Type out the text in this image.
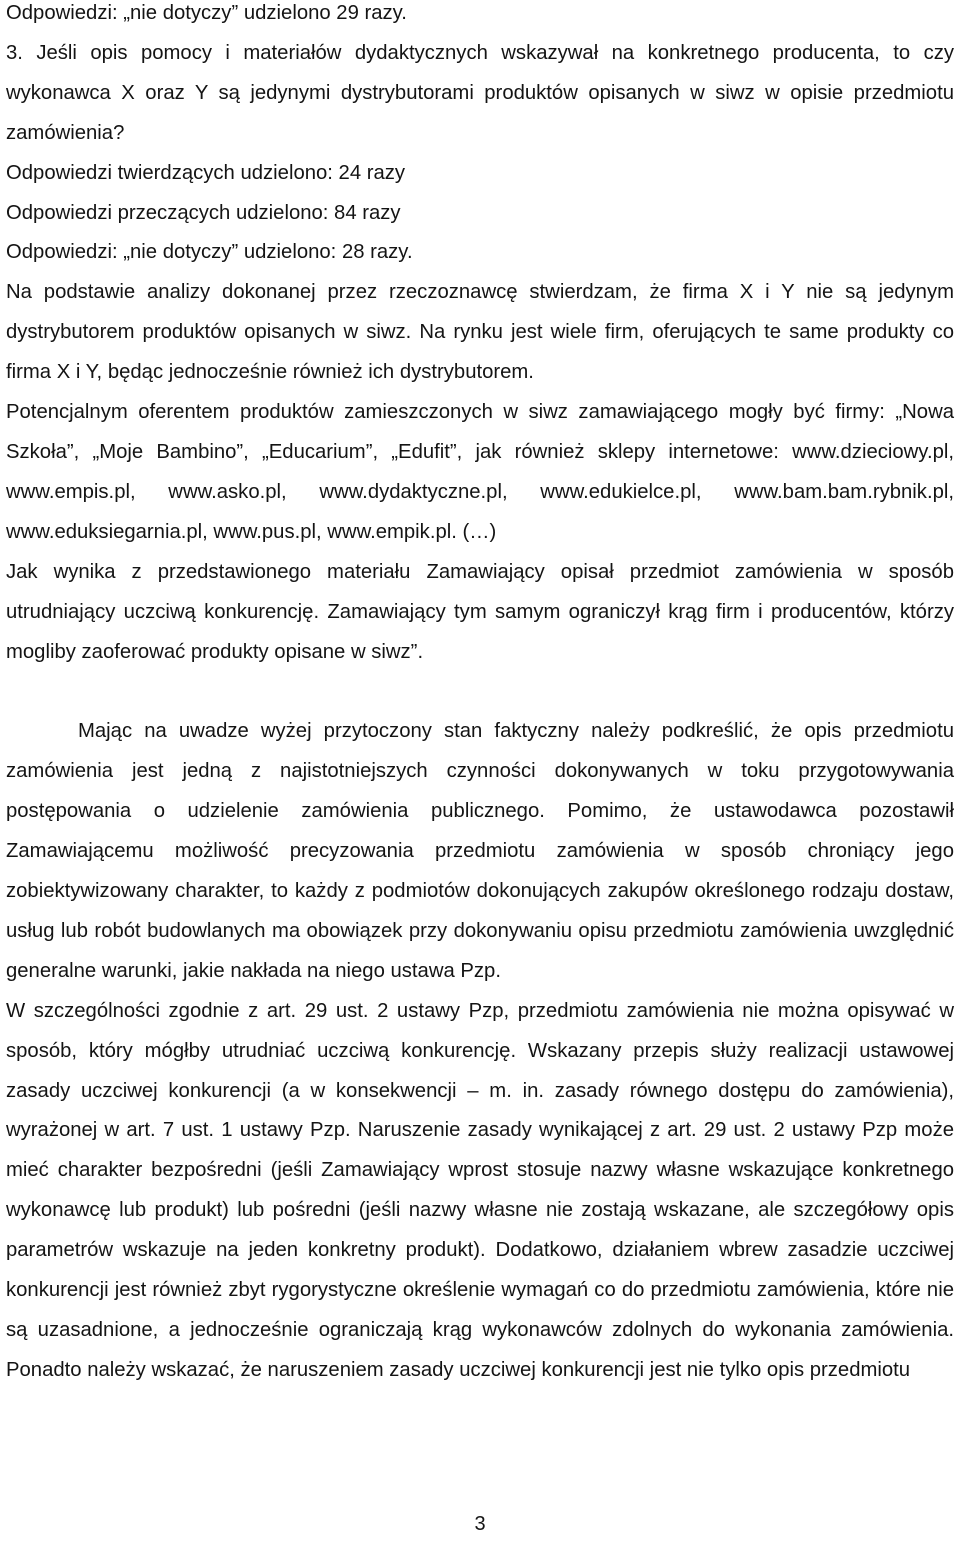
Odpowiedzi: „nie dotyczy” udzielono 29 razy.

3. Jeśli opis pomocy i materiałów dydaktycznych wskazywał na konkretnego producenta, to czy wykonawca X oraz Y są jedynymi dystrybutorami produktów opisanych w siwz w opisie przedmiotu zamówienia?

Odpowiedzi twierdzących udzielono: 24 razy

Odpowiedzi przeczących udzielono: 84 razy

Odpowiedzi: „nie dotyczy” udzielono: 28 razy.

Na podstawie analizy dokonanej przez rzeczoznawcę stwierdzam, że firma X i Y nie są jedynym dystrybutorem produktów opisanych w siwz. Na rynku jest wiele firm, oferujących te same produkty co firma X i Y, będąc jednocześnie również ich dystrybutorem.

Potencjalnym oferentem produktów zamieszczonych w siwz zamawiającego mogły być firmy: „Nowa Szkoła”, „Moje Bambino”, „Educarium”, „Edufit”, jak również sklepy internetowe: www.dzieciowy.pl, www.empis.pl, www.asko.pl, www.dydaktyczne.pl, www.edukielce.pl, www.bam.bam.rybnik.pl, www.eduksiegarnia.pl, www.pus.pl, www.empik.pl. (…)

Jak wynika z przedstawionego materiału Zamawiający opisał przedmiot zamówienia w sposób utrudniający uczciwą konkurencję. Zamawiający tym samym ograniczył krąg firm i producentów, którzy mogliby zaoferować produkty opisane w siwz”.

Mając na uwadze wyżej przytoczony stan faktyczny należy podkreślić, że opis przedmiotu zamówienia jest jedną z najistotniejszych czynności dokonywanych w toku przygotowywania postępowania o udzielenie zamówienia publicznego. Pomimo, że ustawodawca pozostawił Zamawiającemu możliwość precyzowania przedmiotu zamówienia w sposób chroniący jego zobiektywizowany charakter, to każdy z podmiotów dokonujących zakupów określonego rodzaju dostaw, usług lub robót budowlanych ma obowiązek przy dokonywaniu opisu przedmiotu zamówienia uwzględnić generalne warunki, jakie nakłada na niego ustawa Pzp.

W szczególności zgodnie z art. 29 ust. 2 ustawy Pzp, przedmiotu zamówienia nie można opisywać w sposób, który mógłby utrudniać uczciwą konkurencję. Wskazany przepis służy realizacji ustawowej zasady uczciwej konkurencji (a w konsekwencji – m. in. zasady równego dostępu do zamówienia), wyrażonej w art. 7 ust. 1 ustawy Pzp. Naruszenie zasady wynikającej z art. 29 ust. 2 ustawy Pzp może mieć charakter bezpośredni (jeśli Zamawiający wprost stosuje nazwy własne wskazujące konkretnego wykonawcę lub produkt) lub pośredni (jeśli nazwy własne nie zostają wskazane, ale szczegółowy opis parametrów wskazuje na jeden konkretny produkt). Dodatkowo, działaniem wbrew zasadzie uczciwej konkurencji jest również zbyt rygorystyczne określenie wymagań co do przedmiotu zamówienia, które nie są uzasadnione, a jednocześnie ograniczają krąg wykonawców zdolnych do wykonania zamówienia. Ponadto należy wskazać, że naruszeniem zasady uczciwej konkurencji jest nie tylko opis przedmiotu

3
